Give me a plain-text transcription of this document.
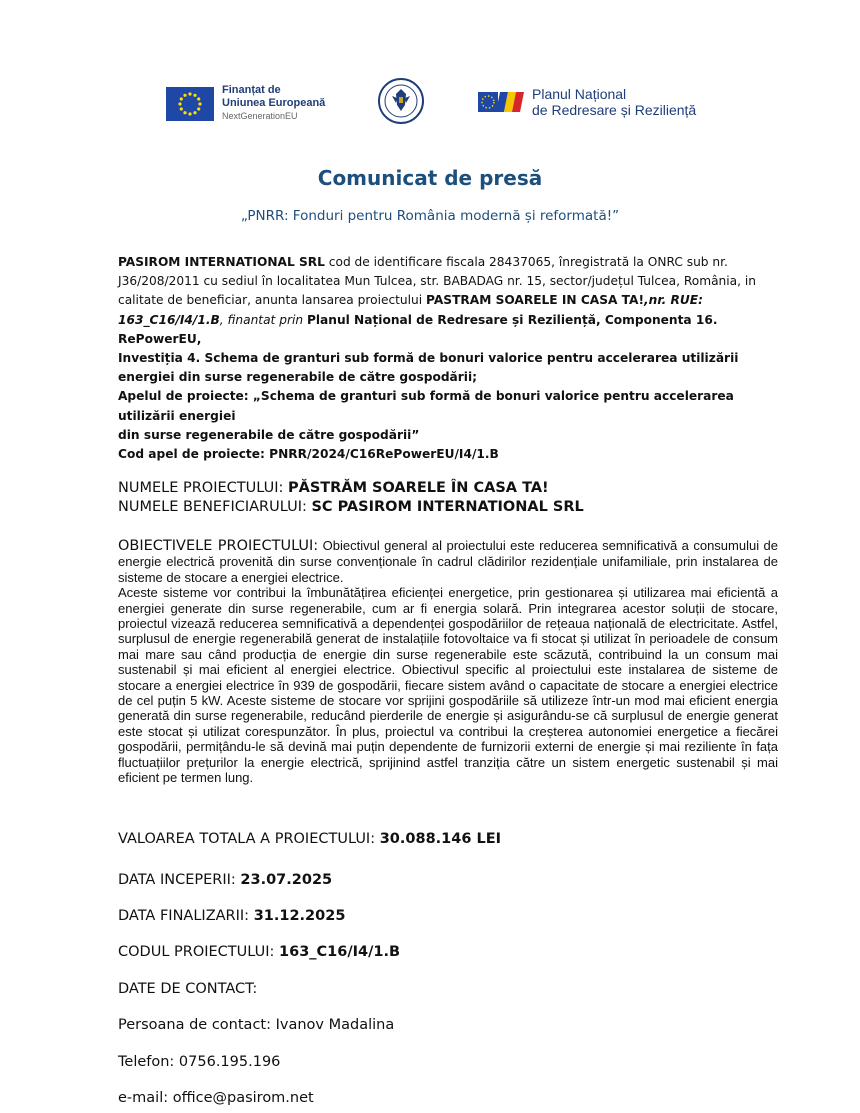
Finanțat de
Uniunea Europeană
NextGenerationEU
Planul Național
de Redresare și Reziliență
Comunicat de presă
„PNRR: Fonduri pentru România modernă și reformată!”

PASIROM INTERNATIONAL SRL cod de identificare fiscala 28437065, înregistrată la ONRC sub nr. J36/208/2011 cu sediul în localitatea Mun Tulcea, str. BABADAG nr. 15, sector/județul Tulcea, România, in calitate de beneficiar, anunta lansarea proiectului PASTRAM SOARELE IN CASA TA!,nr. RUE: 163_C16/I4/1.B, finantat prin Planul Național de Redresare și Reziliență, Componenta 16. RePowerEU,

Investiția 4. Schema de granturi sub formă de bonuri valorice pentru accelerarea utilizării energiei din surse regenerabile de către gospodării;

Apelul de proiecte: „Schema de granturi sub formă de bonuri valorice pentru accelerarea utilizării energiei

din surse regenerabile de către gospodării”

Cod apel de proiecte: PNRR/2024/C16RePowerEU/I4/1.B

NUMELE PROIECTULUI: PĂSTRĂM SOARELE ÎN CASA TA!
NUMELE BENEFICIARULUI: SC PASIROM INTERNATIONAL SRL
OBIECTIVELE PROIECTULUI: Obiectivul general al proiectului este reducerea semnificativă a consumului de energie electrică provenită din surse convenționale în cadrul clădirilor rezidențiale unifamiliale, prin instalarea de sisteme de stocare a energiei electrice.
Aceste sisteme vor contribui la îmbunătățirea eficienței energetice, prin gestionarea și utilizarea mai eficientă a energiei generate din surse regenerabile, cum ar fi energia solară. Prin integrarea acestor soluții de stocare, proiectul vizează reducerea semnificativă a dependenței gospodăriilor de rețeaua națională de electricitate. Astfel, surplusul de energie regenerabilă generat de instalațiile fotovoltaice va fi stocat și utilizat în perioadele de consum mai mare sau când producția de energie din surse regenerabile este scăzută, contribuind la un consum mai sustenabil și mai eficient al energiei electrice. Obiectivul specific al proiectului este instalarea de sisteme de stocare a energiei electrice în 939 de gospodării, fiecare sistem având o capacitate de stocare a energiei electrice de cel puțin 5 kW. Aceste sisteme de stocare vor sprijini gospodăriile să utilizeze într-un mod mai eficient energia generată din surse regenerabile, reducând pierderile de energie și asigurându-se că surplusul de energie generat este stocat și utilizat corespunzător. În plus, proiectul va contribui la creșterea autonomiei energetice a fiecărei gospodării, permițându-le să devină mai puțin dependente de furnizorii externi de energie și mai reziliente în fața fluctuațiilor prețurilor la energie electrică, sprijinind astfel tranziția către un sistem energetic sustenabil și mai eficient pe termen lung.
VALOAREA TOTALA A PROIECTULUI: 30.088.146 LEI
DATA INCEPERII: 23.07.2025
DATA FINALIZARII: 31.12.2025
CODUL PROIECTULUI: 163_C16/I4/1.B
DATE DE CONTACT:
Persoana de contact: Ivanov Madalina
Telefon: 0756.195.196
e-mail: office@pasirom.net
